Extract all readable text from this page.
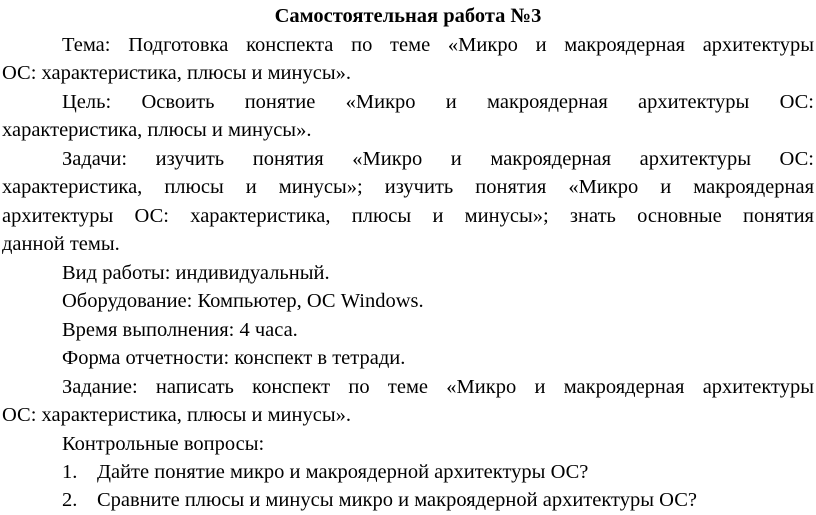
Самостоятельная работа №3
Тема: Подготовка конспекта по теме «Микро и макроядерная архитектуры
ОС: характеристика, плюсы и минусы».
Цель: Освоить понятие «Микро и макроядерная архитектуры ОС:
характеристика, плюсы и минусы».
Задачи: изучить понятия «Микро и макроядерная архитектуры ОС:
характеристика, плюсы и минусы»; изучить понятия «Микро и макроядерная
архитектуры ОС: характеристика, плюсы и минусы»; знать основные понятия
данной темы.
Вид работы: индивидуальный.
Оборудование: Компьютер, ОС Windows.
Время выполнения: 4 часа.
Форма отчетности: конспект в тетради.
Задание: написать конспект по теме «Микро и макроядерная архитектуры
ОС: характеристика, плюсы и минусы».
Контрольные вопросы:
1. Дайте понятие микро и макроядерной архитектуры ОС?
2. Сравните плюсы и минусы микро и макроядерной архитектуры ОС?
